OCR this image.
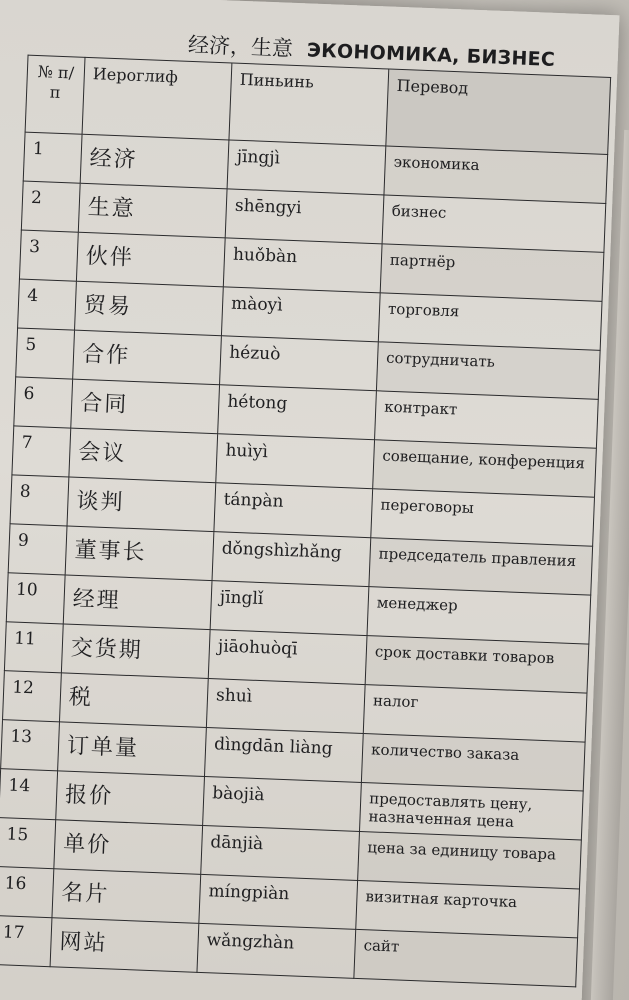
经济，生意 ЭКОНОМИКА, БИЗНЕС
№ п/п	Иероглиф	Пиньинь	Перевод
1	经济	jīngjì	экономика
2	生意	shēngyi	бизнес
3	伙伴	huǒbàn	партнёр
4	贸易	màoyì	торговля
5	合作	hézuò	сотрудничать
6	合同	hétong	контракт
7	会议	huìyì	совещание, конференция
8	谈判	tánpàn	переговоры
9	董事长	dǒngshìzhǎng	председатель правления
10	经理	jīnglǐ	менеджер
11	交货期	jiāohuòqī	срок доставки товаров
12	税	shuì	налог
13	订单量	dìngdān liàng	количество заказа
14	报价	bàojià	предоставлять цену, назначенная цена
15	单价	dānjià	цена за единицу товара
16	名片	míngpiàn	визитная карточка
17	网站	wǎngzhàn	сайт
